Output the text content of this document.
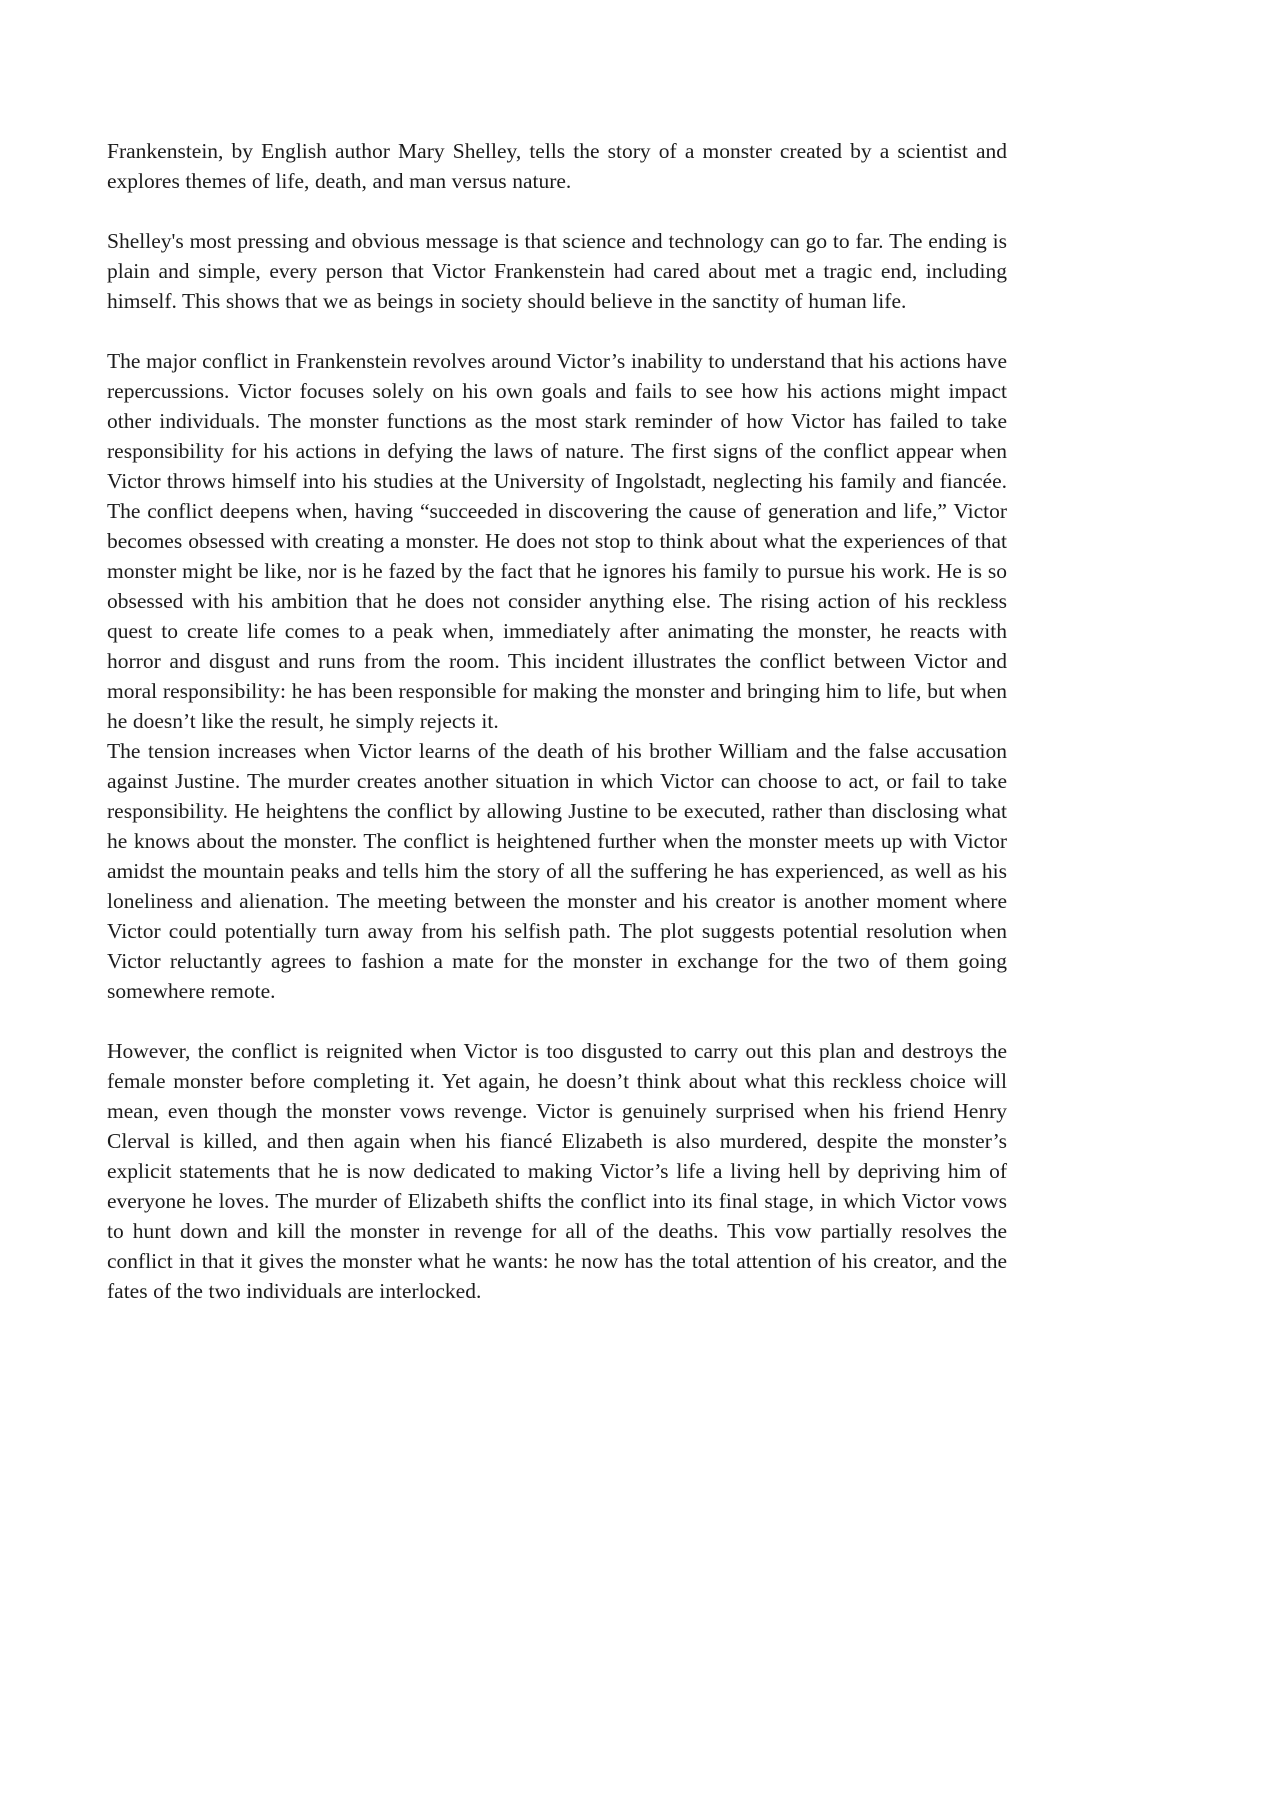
Frankenstein, by English author Mary Shelley, tells the story of a monster created by a scientist and explores themes of life, death, and man versus nature.

Shelley's most pressing and obvious message is that science and technology can go to far. The ending is plain and simple, every person that Victor Frankenstein had cared about met a tragic end, including himself. This shows that we as beings in society should believe in the sanctity of human life.

The major conflict in Frankenstein revolves around Victor’s inability to understand that his actions have repercussions. Victor focuses solely on his own goals and fails to see how his actions might impact other individuals. The monster functions as the most stark reminder of how Victor has failed to take responsibility for his actions in defying the laws of nature. The first signs of the conflict appear when Victor throws himself into his studies at the University of Ingolstadt, neglecting his family and fiancée. The conflict deepens when, having “succeeded in discovering the cause of generation and life,” Victor becomes obsessed with creating a monster. He does not stop to think about what the experiences of that monster might be like, nor is he fazed by the fact that he ignores his family to pursue his work. He is so obsessed with his ambition that he does not consider anything else. The rising action of his reckless quest to create life comes to a peak when, immediately after animating the monster, he reacts with horror and disgust and runs from the room. This incident illustrates the conflict between Victor and moral responsibility: he has been responsible for making the monster and bringing him to life, but when he doesn’t like the result, he simply rejects it.

The tension increases when Victor learns of the death of his brother William and the false accusation against Justine. The murder creates another situation in which Victor can choose to act, or fail to take responsibility. He heightens the conflict by allowing Justine to be executed, rather than disclosing what he knows about the monster. The conflict is heightened further when the monster meets up with Victor amidst the mountain peaks and tells him the story of all the suffering he has experienced, as well as his loneliness and alienation. The meeting between the monster and his creator is another moment where Victor could potentially turn away from his selfish path. The plot suggests potential resolution when Victor reluctantly agrees to fashion a mate for the monster in exchange for the two of them going somewhere remote.

However, the conflict is reignited when Victor is too disgusted to carry out this plan and destroys the female monster before completing it. Yet again, he doesn’t think about what this reckless choice will mean, even though the monster vows revenge. Victor is genuinely surprised when his friend Henry Clerval is killed, and then again when his fiancé Elizabeth is also murdered, despite the monster’s explicit statements that he is now dedicated to making Victor’s life a living hell by depriving him of everyone he loves. The murder of Elizabeth shifts the conflict into its final stage, in which Victor vows to hunt down and kill the monster in revenge for all of the deaths. This vow partially resolves the conflict in that it gives the monster what he wants: he now has the total attention of his creator, and the fates of the two individuals are interlocked.
